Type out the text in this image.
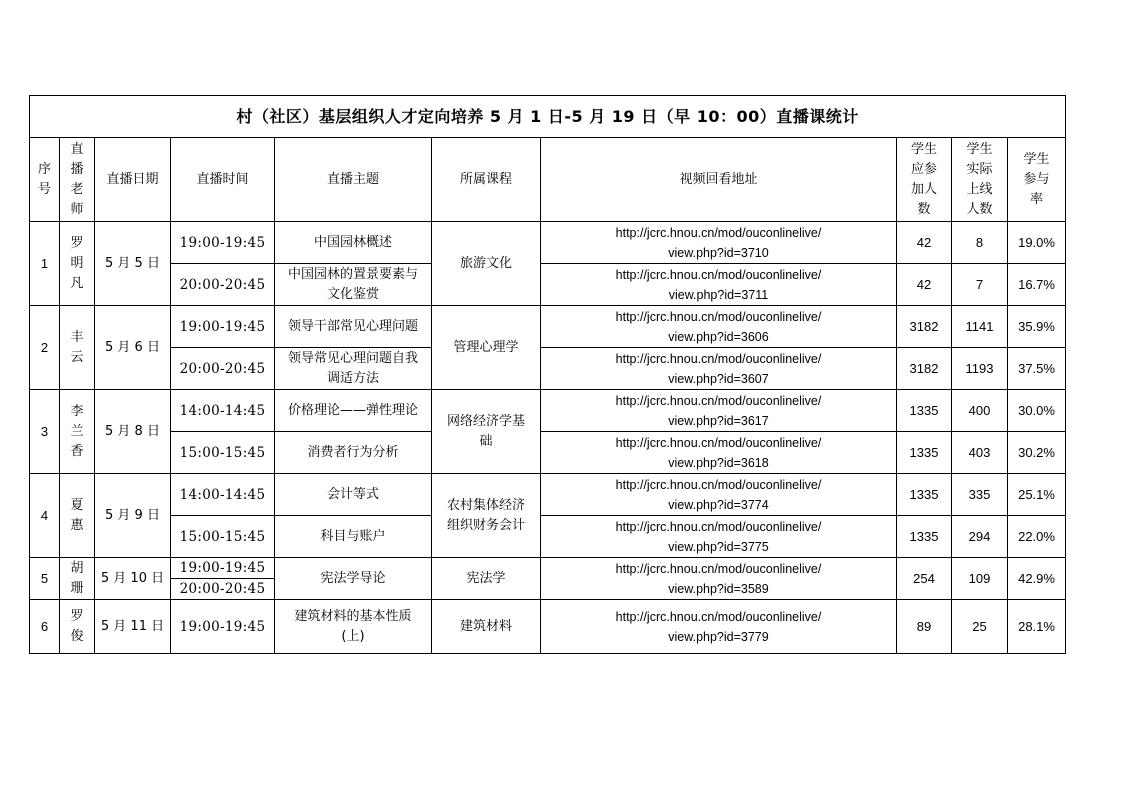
村（社区）基层组织人才定向培养 5 月 1 日-5 月 19 日（早 10：00）直播课统计									

序
号	直
播
老
师	直播日期	直播时间	直播主题	所属课程	视频回看地址	学生
应参
加人
数	学生
实际
上线
人数	学生
参与
率

1	罗
明
凡	5 月 5 日	19:00-19:45	中国园林概述	旅游文化	http://jcrc.hnou.cn/mod/ouconlinelive/
view.php?id=3710	42	8	19.0%
			20:00-20:45	中国园林的置景要素与
文化鉴赏		http://jcrc.hnou.cn/mod/ouconlinelive/
view.php?id=3711	42	7	16.7%
2	丰
云	5 月 6 日	19:00-19:45	领导干部常见心理问题	管理心理学	http://jcrc.hnou.cn/mod/ouconlinelive/
view.php?id=3606	3182	1141	35.9%
			20:00-20:45	领导常见心理问题自我
调适方法		http://jcrc.hnou.cn/mod/ouconlinelive/
view.php?id=3607	3182	1193	37.5%
3	李
兰
香	5 月 8 日	14:00-14:45	价格理论——弹性理论	网络经济学基
础	http://jcrc.hnou.cn/mod/ouconlinelive/
view.php?id=3617	1335	400	30.0%
			15:00-15:45	消费者行为分析		http://jcrc.hnou.cn/mod/ouconlinelive/
view.php?id=3618	1335	403	30.2%
4	夏
惠	5 月 9 日	14:00-14:45	会计等式	农村集体经济
组织财务会计	http://jcrc.hnou.cn/mod/ouconlinelive/
view.php?id=3774	1335	335	25.1%
			15:00-15:45	科目与账户		http://jcrc.hnou.cn/mod/ouconlinelive/
view.php?id=3775	1335	294	22.0%
5	胡
珊	5 月 10 日	19:00-19:45	宪法学导论	宪法学	http://jcrc.hnou.cn/mod/ouconlinelive/
view.php?id=3589	254	109	42.9%
			20:00-20:45						
6	罗
俊	5 月 11 日	19:00-19:45	建筑材料的基本性质
(上)	建筑材料	http://jcrc.hnou.cn/mod/ouconlinelive/
view.php?id=3779	89	25	28.1%
